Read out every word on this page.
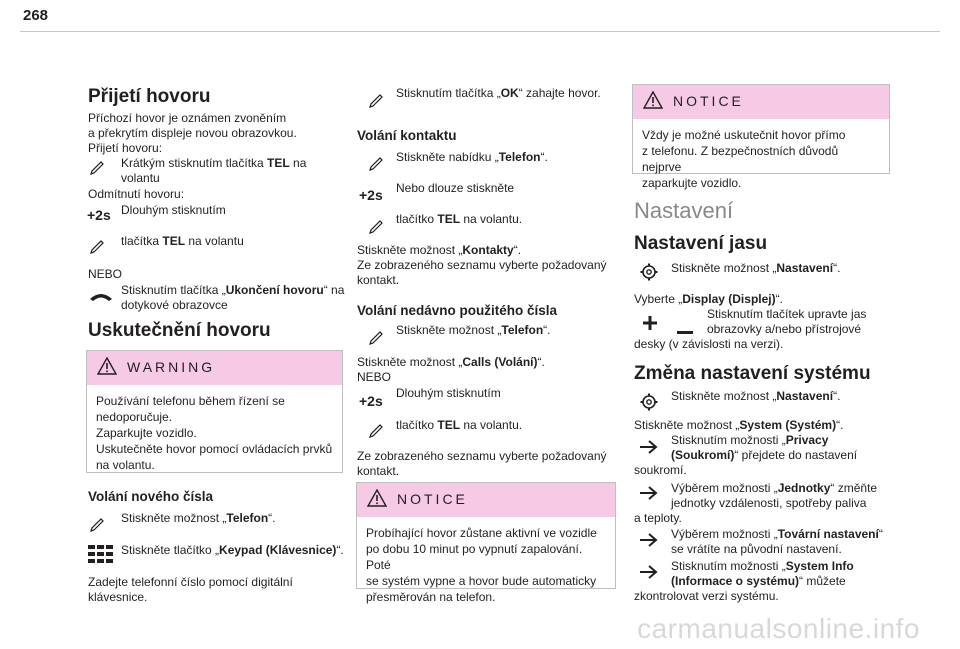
268
Přijetí hovoru
Příchozí hovor je oznámen zvoněním
a překrytím displeje novou obrazovkou.
Přijetí hovoru:
Krátkým stisknutím tlačítka TEL na
volantu
Odmítnutí hovoru:
+2s Dlouhým stisknutím
tlačítka TEL na volantu
NEBO
Stisknutím tlačítka „Ukončení hovoru“ na
dotykové obrazovce
Uskutečnění hovoru
WARNING
Používání telefonu během řízení se
nedoporučuje.
Zaparkujte vozidlo.
Uskutečněte hovor pomocí ovládacích prvků
na volantu.
Volání nového čísla
Stiskněte možnost „Telefon“.
Stiskněte tlačítko „Keypad (Klávesnice)“.
Zadejte telefonní číslo pomocí digitální
klávesnice.
Stisknutím tlačítka „OK“ zahajte hovor.
Volání kontaktu
Stiskněte nabídku „Telefon“.
+2s Nebo dlouze stiskněte
tlačítko TEL na volantu.
Stiskněte možnost „Kontakty“.
Ze zobrazeného seznamu vyberte požadovaný
kontakt.
Volání nedávno použitého čísla
Stiskněte možnost „Telefon“.
Stiskněte možnost „Calls (Volání)“.
NEBO
+2s Dlouhým stisknutím
tlačítko TEL na volantu.
Ze zobrazeného seznamu vyberte požadovaný
kontakt.
NOTICE
Probíhající hovor zůstane aktivní ve vozidle
po dobu 10 minut po vypnutí zapalování. Poté
se systém vypne a hovor bude automaticky
přesměrován na telefon.
NOTICE
Vždy je možné uskutečnit hovor přímo
z telefonu. Z bezpečnostních důvodů nejprve
zaparkujte vozidlo.
Nastavení
Nastavení jasu
Stiskněte možnost „Nastavení“.
Vyberte „Display (Displej)“.
Stisknutím tlačítek upravte jas
obrazovky a/nebo přístrojové
desky (v závislosti na verzi).
Změna nastavení systému
Stiskněte možnost „Nastavení“.
Stiskněte možnost „System (Systém)“.
Stisknutím možnosti „Privacy
(Soukromí)“ přejdete do nastavení
soukromí.
Výběrem možnosti „Jednotky“ změňte
jednotky vzdálenosti, spotřeby paliva
a teploty.
Výběrem možnosti „Tovární nastavení“
se vrátíte na původní nastavení.
Stisknutím možnosti „System Info
(Informace o systému)“ můžete
zkontrolovat verzi systému.
carmanualsonline.info
